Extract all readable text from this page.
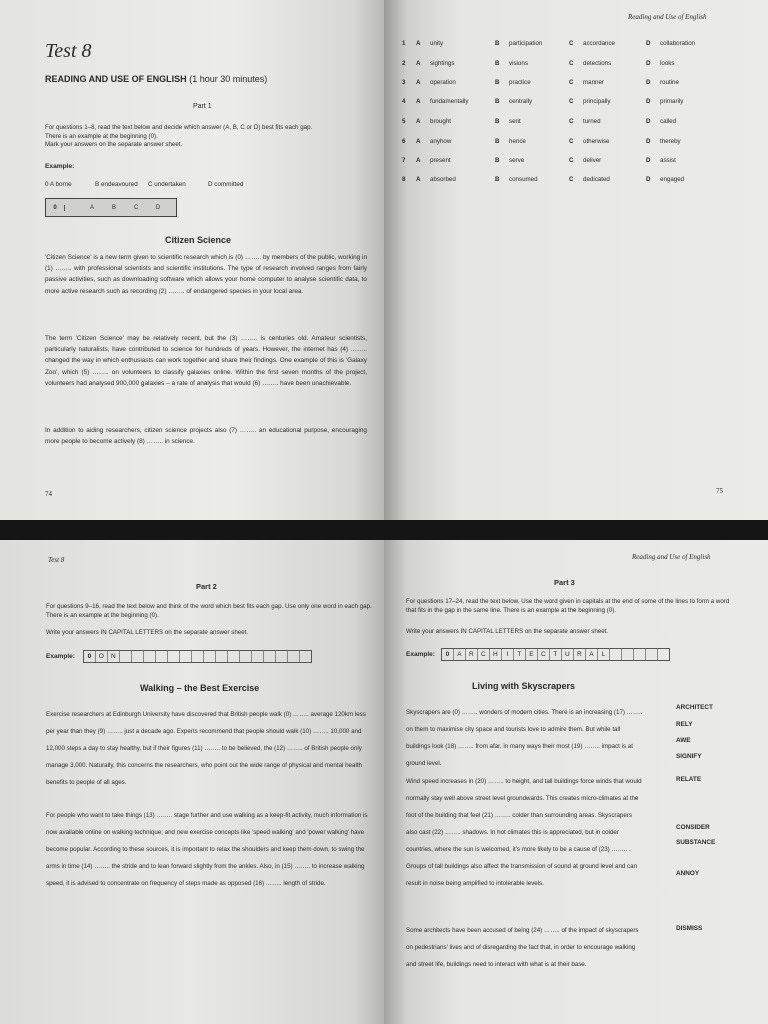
Test 8
READING AND USE OF ENGLISH (1 hour 30 minutes)
Part 1
For questions 1–8, read the text below and decide which answer (A, B, C or D) best fits each gap.
There is an example at the beginning (0).
Mark your answers on the separate answer sheet.
Example:
0 A borne	B endeavoured	C undertaken	D committed
0	A	B	C	D
Citizen Science
'Citizen Science' is a new term given to scientific research which is (0) …….. by members of the public, working in (1) …….. with professional scientists and scientific institutions. The type of research involved ranges from fairly passive activities, such as downloading software which allows your home computer to analyse scientific data, to more active research such as recording (2) …….. of endangered species in your local area.
The term 'Citizen Science' may be relatively recent, but the (3) …….. is centuries old. Amateur scientists, particularly naturalists, have contributed to science for hundreds of years. However, the internet has (4) …….. changed the way in which enthusiasts can work together and share their findings. One example of this is 'Galaxy Zoo', which (5) …….. on volunteers to classify galaxies online. Within the first seven months of the project, volunteers had analysed 900,000 galaxies – a rate of analysis that would (6) …….. have been unachievable.
In addition to aiding researchers, citizen science projects also (7) …….. an educational purpose, encouraging more people to become actively (8) …….. in science.
74
Reading and Use of English
1	A	unity	B	participation	C	accordance	D	collaboration
2	A	sightings	B	visions	C	detections	D	looks
3	A	operation	B	practice	C	manner	D	routine
4	A	fundamentally	B	centrally	C	principally	D	primarily
5	A	brought	B	sent	C	turned	D	called
6	A	anyhow	B	hence	C	otherwise	D	thereby
7	A	present	B	serve	C	deliver	D	assist
8	A	absorbed	B	consumed	C	dedicated	D	engaged
75
Test 8
Part 2
For questions 9–16, read the text below and think of the word which best fits each gap. Use only one word in each gap. There is an example at the beginning (0).
Write your answers IN CAPITAL LETTERS on the separate answer sheet.
Example:	0	O	N
Walking – the Best Exercise
Exercise researchers at Edinburgh University have discovered that British people walk (0) …….. average 120km less per year than they (9) …….. just a decade ago. Experts recommend that people should walk (10) …….. 10,000 and 12,000 steps a day to stay healthy, but if their figures (11) …….. to be believed, the (12) …….. of British people only manage 3,000. Naturally, this concerns the researchers, who point out the wide range of physical and mental health benefits to people of all ages.
For people who want to take things (13) …….. stage further and use walking as a keep-fit activity, much information is now available online on walking technique; and new exercise concepts like 'speed walking' and 'power walking' have become popular. According to these sources, it is important to relax the shoulders and keep them down, to swing the arms in time (14) …….. the stride and to lean forward slightly from the ankles. Also, in (15) …….. to increase walking speed, it is advised to concentrate on frequency of steps made as opposed (16) …….. length of stride.
Reading and Use of English
Part 3
For questions 17–24, read the text below. Use the word given in capitals at the end of some of the lines to form a word that fits in the gap in the same line. There is an example at the beginning (0).
Write your answers IN CAPITAL LETTERS on the separate answer sheet.
Example:	0	A	R	C	H	I	T	E	C	T	U	R	A	L
Living with Skyscrapers
Skyscrapers are (0) …….. wonders of modern cities. There is an increasing (17) …….. on them to maximise city space and tourists love to admire them. But while tall buildings look (18) …….. from afar, in many ways their most (19) …….. impact is at ground level.
Wind speed increases in (20) …….. to height, and tall buildings force winds that would normally stay well above street level groundwards. This creates micro-climates at the foot of the building that feel (21) …….. colder than surrounding areas. Skyscrapers also cast (22) …….. shadows. In hot climates this is appreciated, but in colder countries, where the sun is welcomed, it's more likely to be a cause of (23) …….. . Groups of tall buildings also affect the transmission of sound at ground level and can result in noise being amplified to intolerable levels.
Some architects have been accused of being (24) …….. of the impact of skyscrapers on pedestrians' lives and of disregarding the fact that, in order to encourage walking and street life, buildings need to interact with what is at their base.
ARCHITECT
RELY
AWE
SIGNIFY
RELATE
CONSIDER
SUBSTANCE
ANNOY
DISMISS
